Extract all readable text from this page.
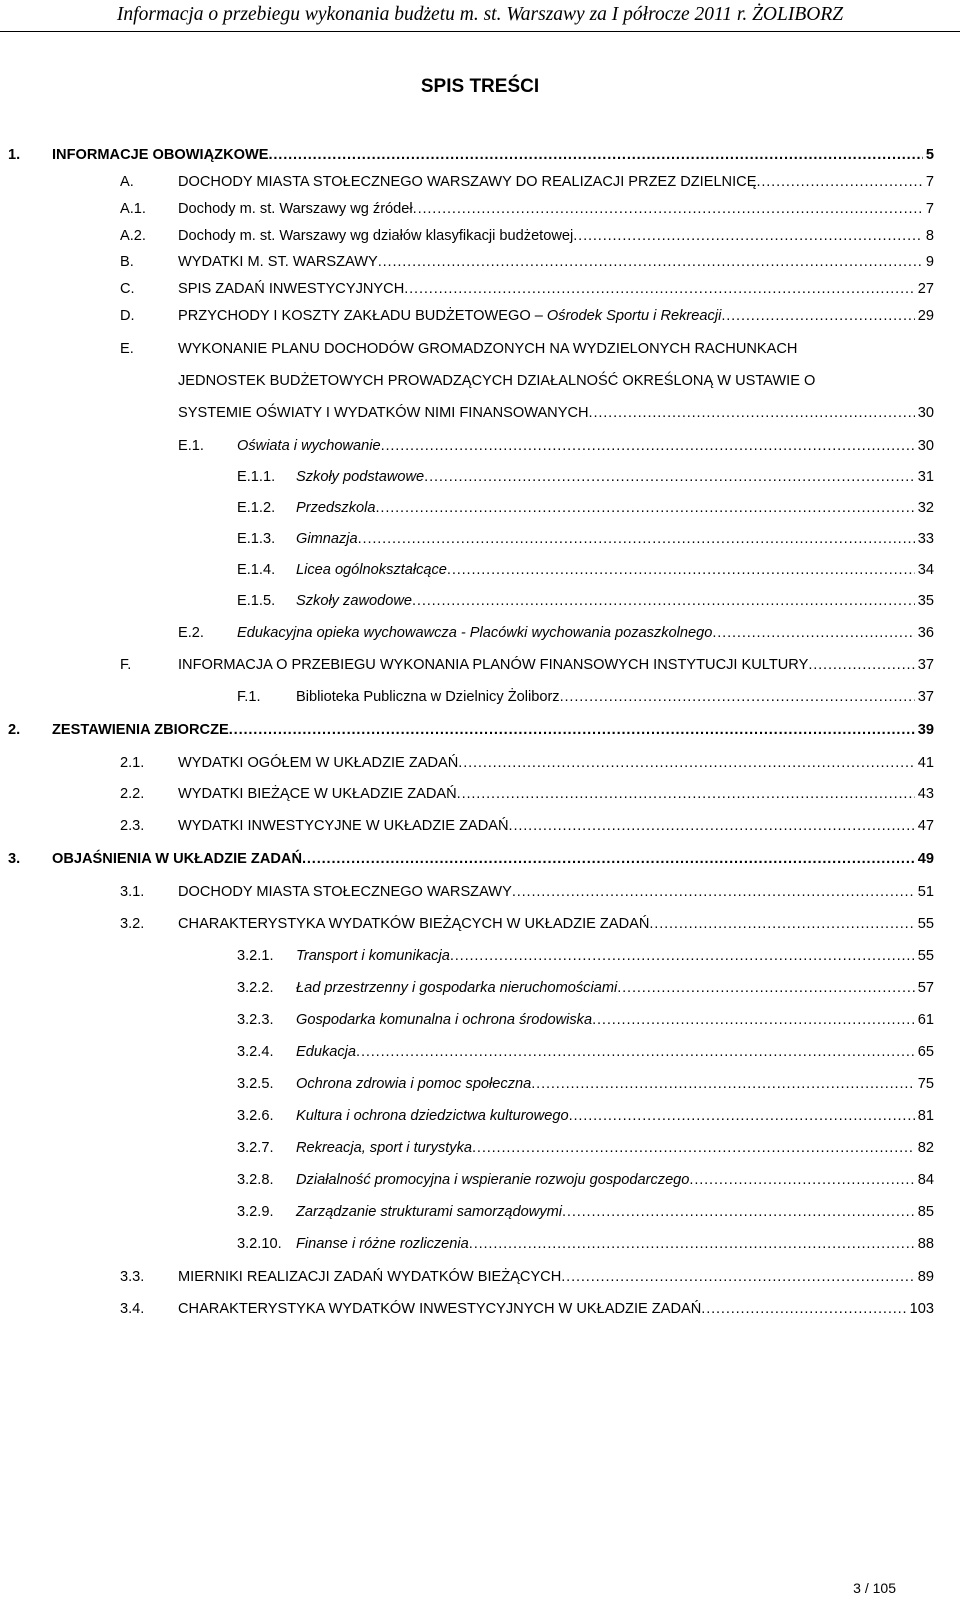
Informacja o przebiegu wykonania budżetu m. st. Warszawy za I półrocze 2011 r. ŻOLIBORZ
SPIS TREŚCI
1. INFORMACJE OBOWIĄZKOWE . . .	5
A.	DOCHODY MIASTA STOŁECZNEGO WARSZAWY DO REALIZACJI PRZEZ DZIELNICĘ . . .	7
A.1. Dochody m. st. Warszawy wg źródeł . . .	7
A.2. Dochody m. st. Warszawy wg działów klasyfikacji budżetowej . . .	8
B.	WYDATKI M. ST. WARSZAWY . . .	9
C.	SPIS ZADAŃ INWESTYCYJNYCH . . .	27
D.	PRZYCHODY I KOSZTY ZAKŁADU BUDŻETOWEGO – Ośrodek Sportu i Rekreacji . . .	29
E.	WYKONANIE PLANU DOCHODÓW GROMADZONYCH NA WYDZIELONYCH RACHUNKACH
JEDNOSTEK BUDŻETOWYCH PROWADZĄCYCH DZIAŁALNOŚĆ OKREŚLONĄ W USTAWIE O
SYSTEMIE OŚWIATY I WYDATKÓW NIMI FINANSOWANYCH . . .	30
E.1. Oświata i wychowanie . . .	30
E.1.1. Szkoły podstawowe . . .	31
E.1.2. Przedszkola . . .	32
E.1.3. Gimnazja . . .	33
E.1.4. Licea ogólnokształcące . . .	34
E.1.5. Szkoły zawodowe . . .	35
E.2. Edukacyjna opieka wychowawcza - Placówki wychowania pozaszkolnego . . .	36
F.	INFORMACJA O PRZEBIEGU WYKONANIA PLANÓW FINANSOWYCH INSTYTUCJI KULTURY . . .	37
F.1. Biblioteka Publiczna w Dzielnicy Żoliborz . . .	37
2. ZESTAWIENIA ZBIORCZE . . .	39
2.1. WYDATKI OGÓŁEM W UKŁADZIE ZADAŃ . . .	41
2.2. WYDATKI BIEŻĄCE W UKŁADZIE ZADAŃ . . .	43
2.3. WYDATKI INWESTYCYJNE W UKŁADZIE ZADAŃ . . .	47
3. OBJAŚNIENIA W UKŁADZIE ZADAŃ . . .	49
3.1. DOCHODY MIASTA STOŁECZNEGO WARSZAWY . . .	51
3.2. CHARAKTERYSTYKA WYDATKÓW BIEŻĄCYCH W UKŁADZIE ZADAŃ . . .	55
3.2.1. Transport i komunikacja . . .	55
3.2.2. Ład przestrzenny i gospodarka nieruchomościami . . .	57
3.2.3. Gospodarka komunalna i ochrona środowiska . . .	61
3.2.4. Edukacja . . .	65
3.2.5. Ochrona zdrowia i pomoc społeczna . . .	75
3.2.6. Kultura i ochrona dziedzictwa kulturowego . . .	81
3.2.7. Rekreacja, sport i turystyka . . .	82
3.2.8. Działalność promocyjna i wspieranie rozwoju gospodarczego . . .	84
3.2.9. Zarządzanie strukturami samorządowymi . . .	85
3.2.10. Finanse i różne rozliczenia . . .	88
3.3. MIERNIKI REALIZACJI ZADAŃ WYDATKÓW BIEŻĄCYCH . . .	89
3.4. CHARAKTERYSTYKA WYDATKÓW INWESTYCYJNYCH W UKŁADZIE ZADAŃ . . .	103
3 / 105
